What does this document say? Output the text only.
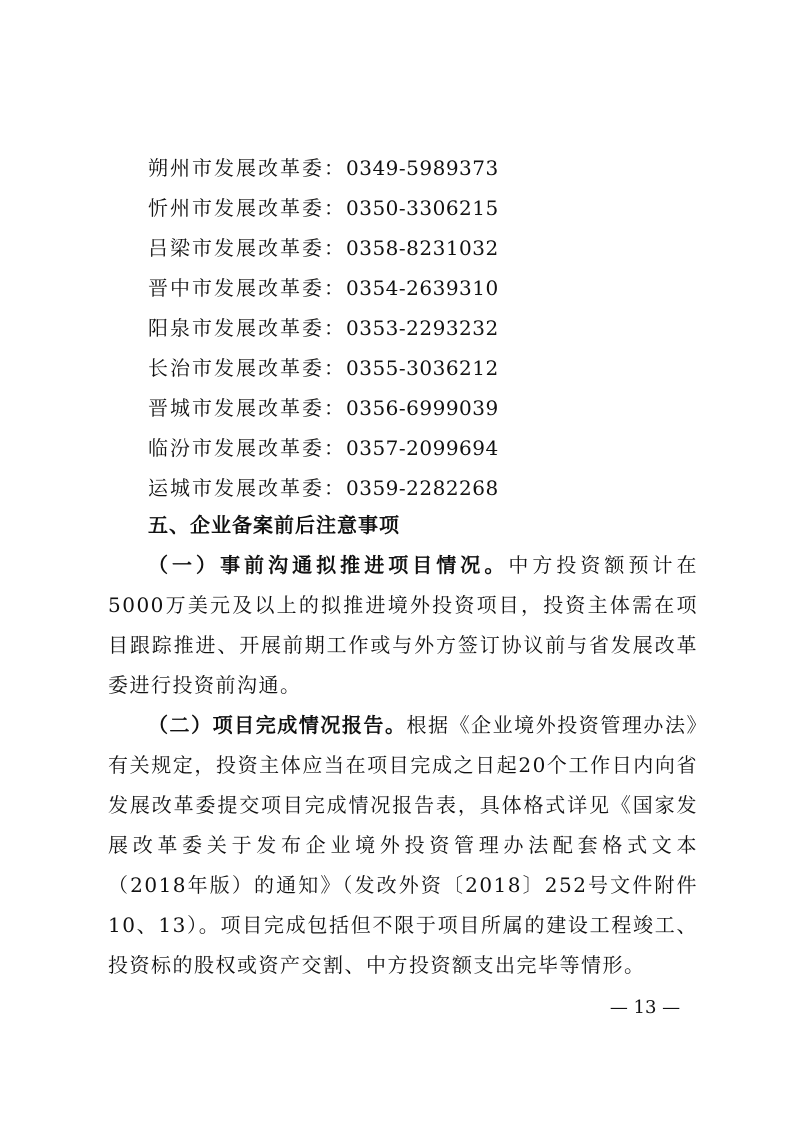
朔州市发展改革委：0349-5989373
忻州市发展改革委：0350-3306215
吕梁市发展改革委：0358-8231032
晋中市发展改革委：0354-2639310
阳泉市发展改革委：0353-2293232
长治市发展改革委：0355-3036212
晋城市发展改革委：0356-6999039
临汾市发展改革委：0357-2099694
运城市发展改革委：0359-2282268
五、企业备案前后注意事项

（一）事前沟通拟推进项目情况。中方投资额预计在5000万美元及以上的拟推进境外投资项目，投资主体需在项目跟踪推进、开展前期工作或与外方签订协议前与省发展改革委进行投资前沟通。

（二）项目完成情况报告。根据《企业境外投资管理办法》有关规定，投资主体应当在项目完成之日起20个工作日内向省发展改革委提交项目完成情况报告表，具体格式详见《国家发展改革委关于发布企业境外投资管理办法配套格式文本（2018年版）的通知》（发改外资〔2018〕252号文件附件10、13）。项目完成包括但不限于项目所属的建设工程竣工、投资标的股权或资产交割、中方投资额支出完毕等情形。

— 13 —
